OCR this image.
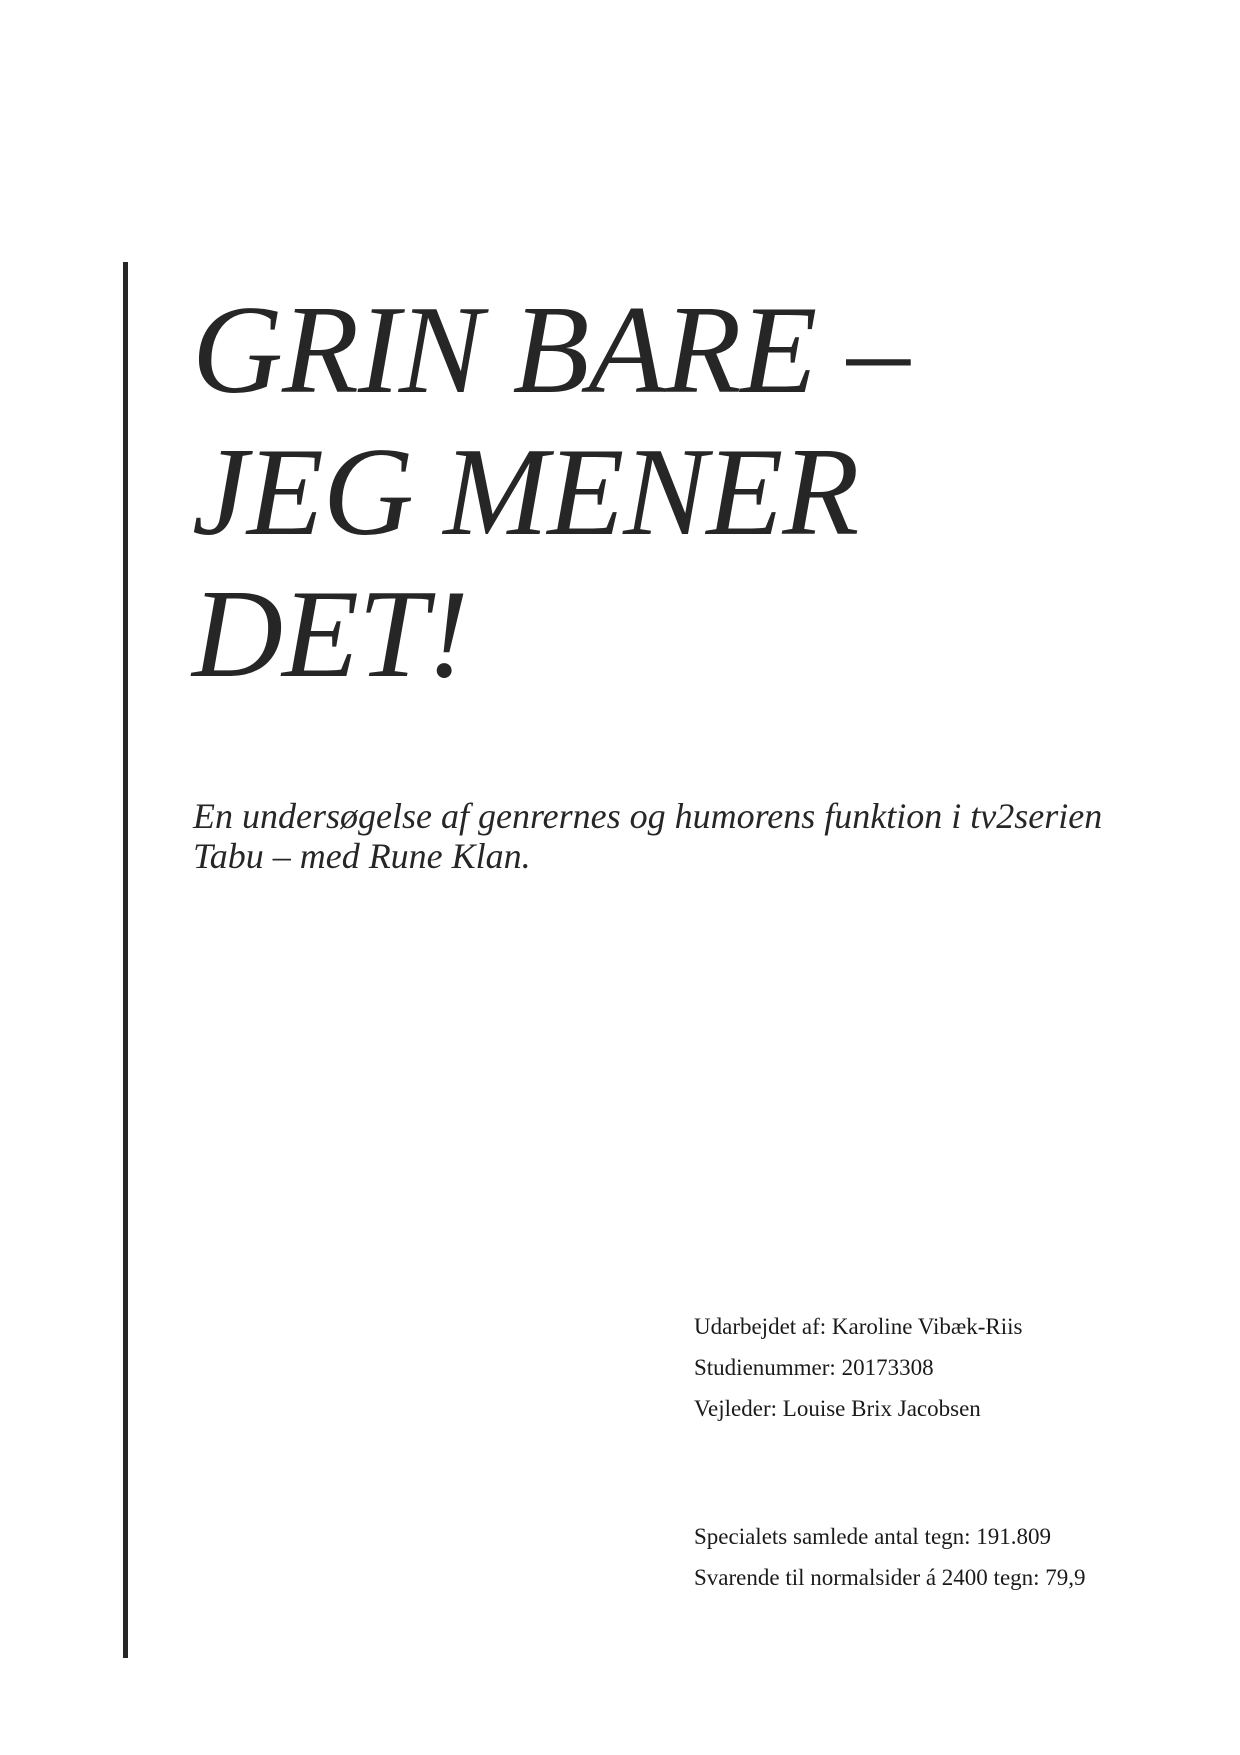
GRIN BARE –
JEG MENER
DET!

En undersøgelse af genrernes og humorens funktion i tv2serien
Tabu – med Rune Klan.

Udarbejdet af: Karoline Vibæk-Riis
Studienummer: 20173308
Vejleder: Louise Brix Jacobsen
Specialets samlede antal tegn: 191.809
Svarende til normalsider á 2400 tegn: 79,9
